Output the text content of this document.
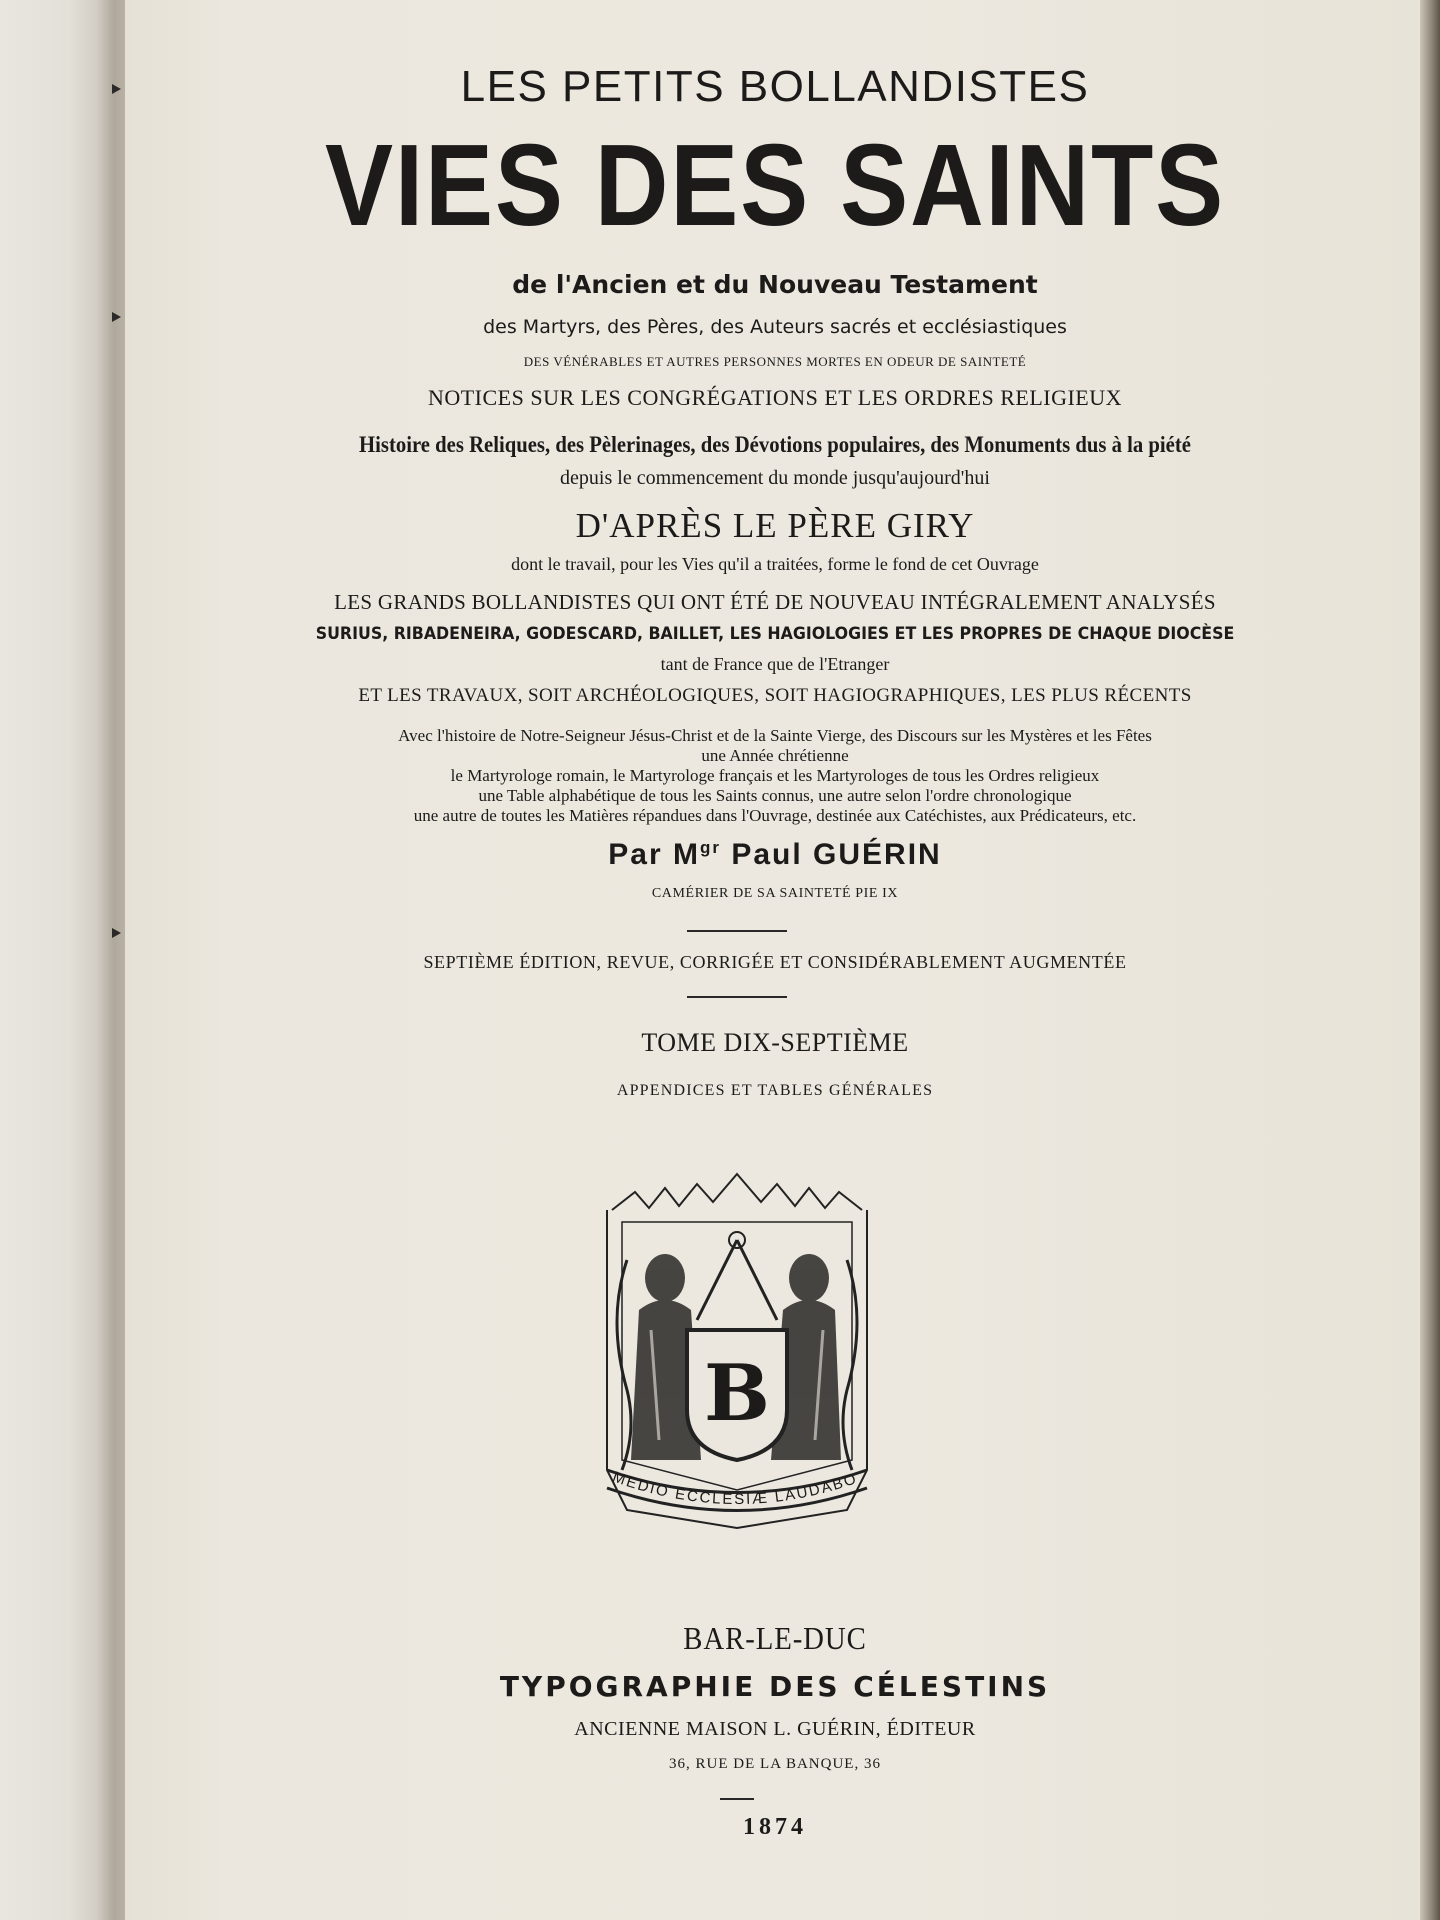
LES PETITS BOLLANDISTES
VIES DES SAINTS
de l'Ancien et du Nouveau Testament
des Martyrs, des Pères, des Auteurs sacrés et ecclésiastiques
DES VÉNÉRABLES ET AUTRES PERSONNES MORTES EN ODEUR DE SAINTETÉ
NOTICES SUR LES CONGRÉGATIONS ET LES ORDRES RELIGIEUX
Histoire des Reliques, des Pèlerinages, des Dévotions populaires, des Monuments dus à la piété
depuis le commencement du monde jusqu'aujourd'hui
D'APRÈS LE PÈRE GIRY
dont le travail, pour les Vies qu'il a traitées, forme le fond de cet Ouvrage
LES GRANDS BOLLANDISTES QUI ONT ÉTÉ DE NOUVEAU INTÉGRALEMENT ANALYSÉS
SURIUS, RIBADENEIRA, GODESCARD, BAILLET, LES HAGIOLOGIES ET LES PROPRES DE CHAQUE DIOCÈSE
tant de France que de l'Etranger
ET LES TRAVAUX, SOIT ARCHÉOLOGIQUES, SOIT HAGIOGRAPHIQUES, LES PLUS RÉCENTS
Avec l'histoire de Notre-Seigneur Jésus-Christ et de la Sainte Vierge, des Discours sur les Mystères et les Fêtes
une Année chrétienne
le Martyrologe romain, le Martyrologe français et les Martyrologes de tous les Ordres religieux
une Table alphabétique de tous les Saints connus, une autre selon l'ordre chronologique
une autre de toutes les Matières répandues dans l'Ouvrage, destinée aux Catéchistes, aux Prédicateurs, etc.
Par $M^{gr}$ Paul GUÉRIN
CAMÉRIER DE SA SAINTETÉ PIE IX
SEPTIÈME ÉDITION, REVUE, CORRIGÉE ET CONSIDÉRABLEMENT AUGMENTÉE
TOME DIX-SEPTIÈME
APPENDICES ET TABLES GÉNÉRALES
B
MEDIO ECCLESIÆ LAUDABO
BAR-LE-DUC
TYPOGRAPHIE DES CÉLESTINS
ANCIENNE MAISON L. GUÉRIN, ÉDITEUR
36, RUE DE LA BANQUE, 36
1874
